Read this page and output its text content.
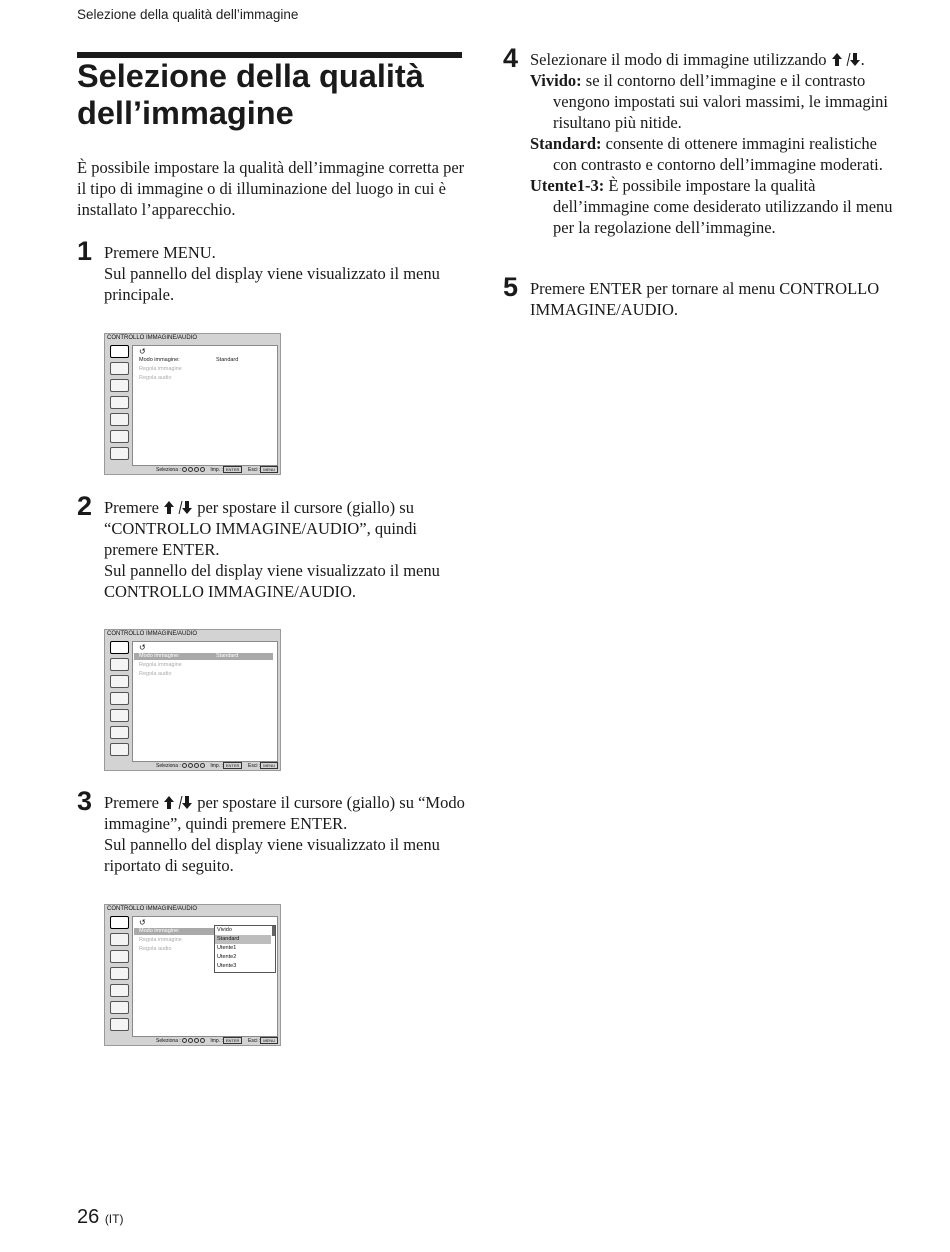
Selezione della qualità dell’immagine
Selezione della qualità dell’immagine

È possibile impostare la qualità dell’immagine corretta per il tipo di immagine o di illuminazione del luogo in cui è installato l’apparecchio.

1 Premere MENU.

Sul pannello del display viene visualizzato il menu principale.

CONTROLLO IMMAGINE/AUDIO
↺
Modo immagine:	Standard
Regola immagine
Regola audio
Seleziona :	Imp. : ENTER Esci : MENU
2 Premere  per spostare il cursore (giallo) su “CONTROLLO IMMAGINE/AUDIO”, quindi premere ENTER.

Sul pannello del display viene visualizzato il menu CONTROLLO IMMAGINE/AUDIO.

CONTROLLO IMMAGINE/AUDIO
↺
Modo immagine:	Standard
Regola immagine
Regola audio
Seleziona :	Imp. : ENTER Esci : MENU
3 Premere  per spostare il cursore (giallo) su “Modo immagine”, quindi premere ENTER.

Sul pannello del display viene visualizzato il menu riportato di seguito.

CONTROLLO IMMAGINE/AUDIO
↺
Modo immagine:
Regola immagine
Regola audio
Vivido
Standard
Utente1
Utente2
Utente3
Seleziona :	Imp. : ENTER Esci : MENU
4 Selezionare il modo di immagine utilizzando .

Vivido: se il contorno dell’immagine e il contrasto vengono impostati sui valori massimi, le immagini risultano più nitide.

Standard: consente di ottenere immagini realistiche con contrasto e contorno dell’immagine moderati.

Utente1-3: È possibile impostare la qualità dell’immagine come desiderato utilizzando il menu per la regolazione dell’immagine.

5 Premere ENTER per tornare al menu CONTROLLO IMMAGINE/AUDIO.

26 (IT)
